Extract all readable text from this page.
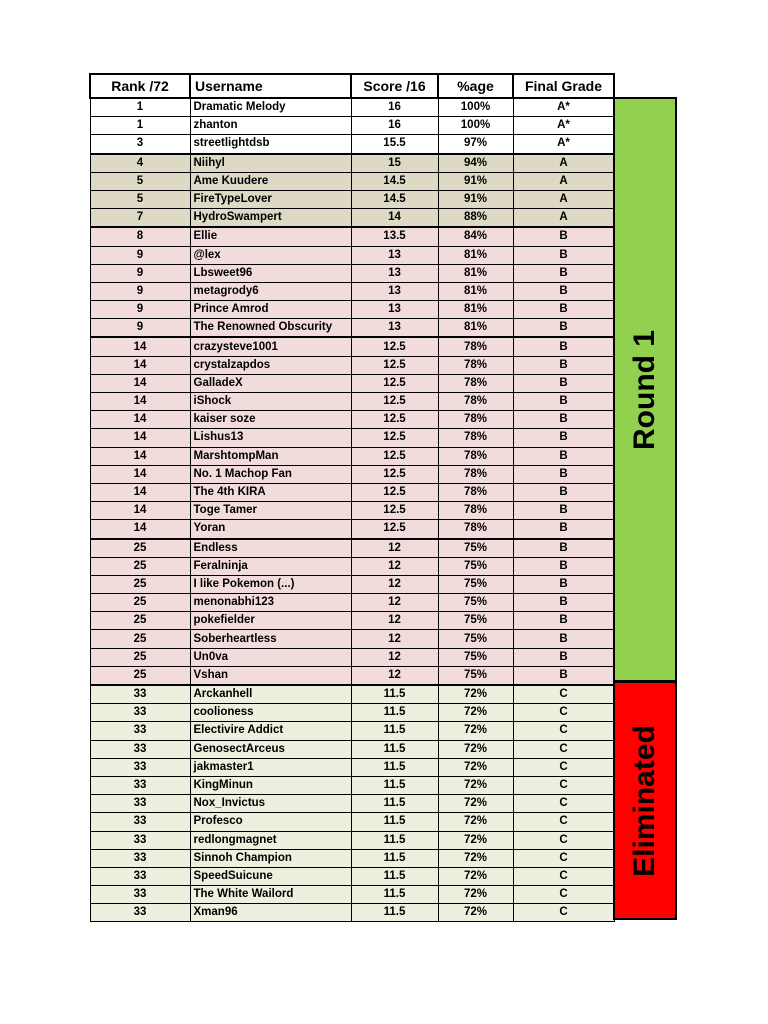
Rank /72	Username	Score /16	%age	Final Grade
1	Dramatic Melody	16	100%	A*
1	zhanton	16	100%	A*
3	streetlightdsb	15.5	97%	A*
4	Niihyl	15	94%	A
5	Ame Kuudere	14.5	91%	A
5	FireTypeLover	14.5	91%	A
7	HydroSwampert	14	88%	A
8	Ellie	13.5	84%	B
9	@lex	13	81%	B
9	Lbsweet96	13	81%	B
9	metagrody6	13	81%	B
9	Prince Amrod	13	81%	B
9	The Renowned Obscurity	13	81%	B
14	crazysteve1001	12.5	78%	B
14	crystalzapdos	12.5	78%	B
14	GalladeX	12.5	78%	B
14	iShock	12.5	78%	B
14	kaiser soze	12.5	78%	B
14	Lishus13	12.5	78%	B
14	MarshtompMan	12.5	78%	B
14	No. 1 Machop Fan	12.5	78%	B
14	The 4th KIRA	12.5	78%	B
14	Toge Tamer	12.5	78%	B
14	Yoran	12.5	78%	B
25	Endless	12	75%	B
25	Feralninja	12	75%	B
25	I like Pokemon (...)	12	75%	B
25	menonabhi123	12	75%	B
25	pokefielder	12	75%	B
25	Soberheartless	12	75%	B
25	Un0va	12	75%	B
25	Vshan	12	75%	B
33	Arckanhell	11.5	72%	C
33	coolioness	11.5	72%	C
33	Electivire Addict	11.5	72%	C
33	GenosectArceus	11.5	72%	C
33	jakmaster1	11.5	72%	C
33	KingMinun	11.5	72%	C
33	Nox_Invictus	11.5	72%	C
33	Profesco	11.5	72%	C
33	redlongmagnet	11.5	72%	C
33	Sinnoh Champion	11.5	72%	C
33	SpeedSuicune	11.5	72%	C
33	The White Wailord	11.5	72%	C
33	Xman96	11.5	72%	C
Round 1
Eliminated
